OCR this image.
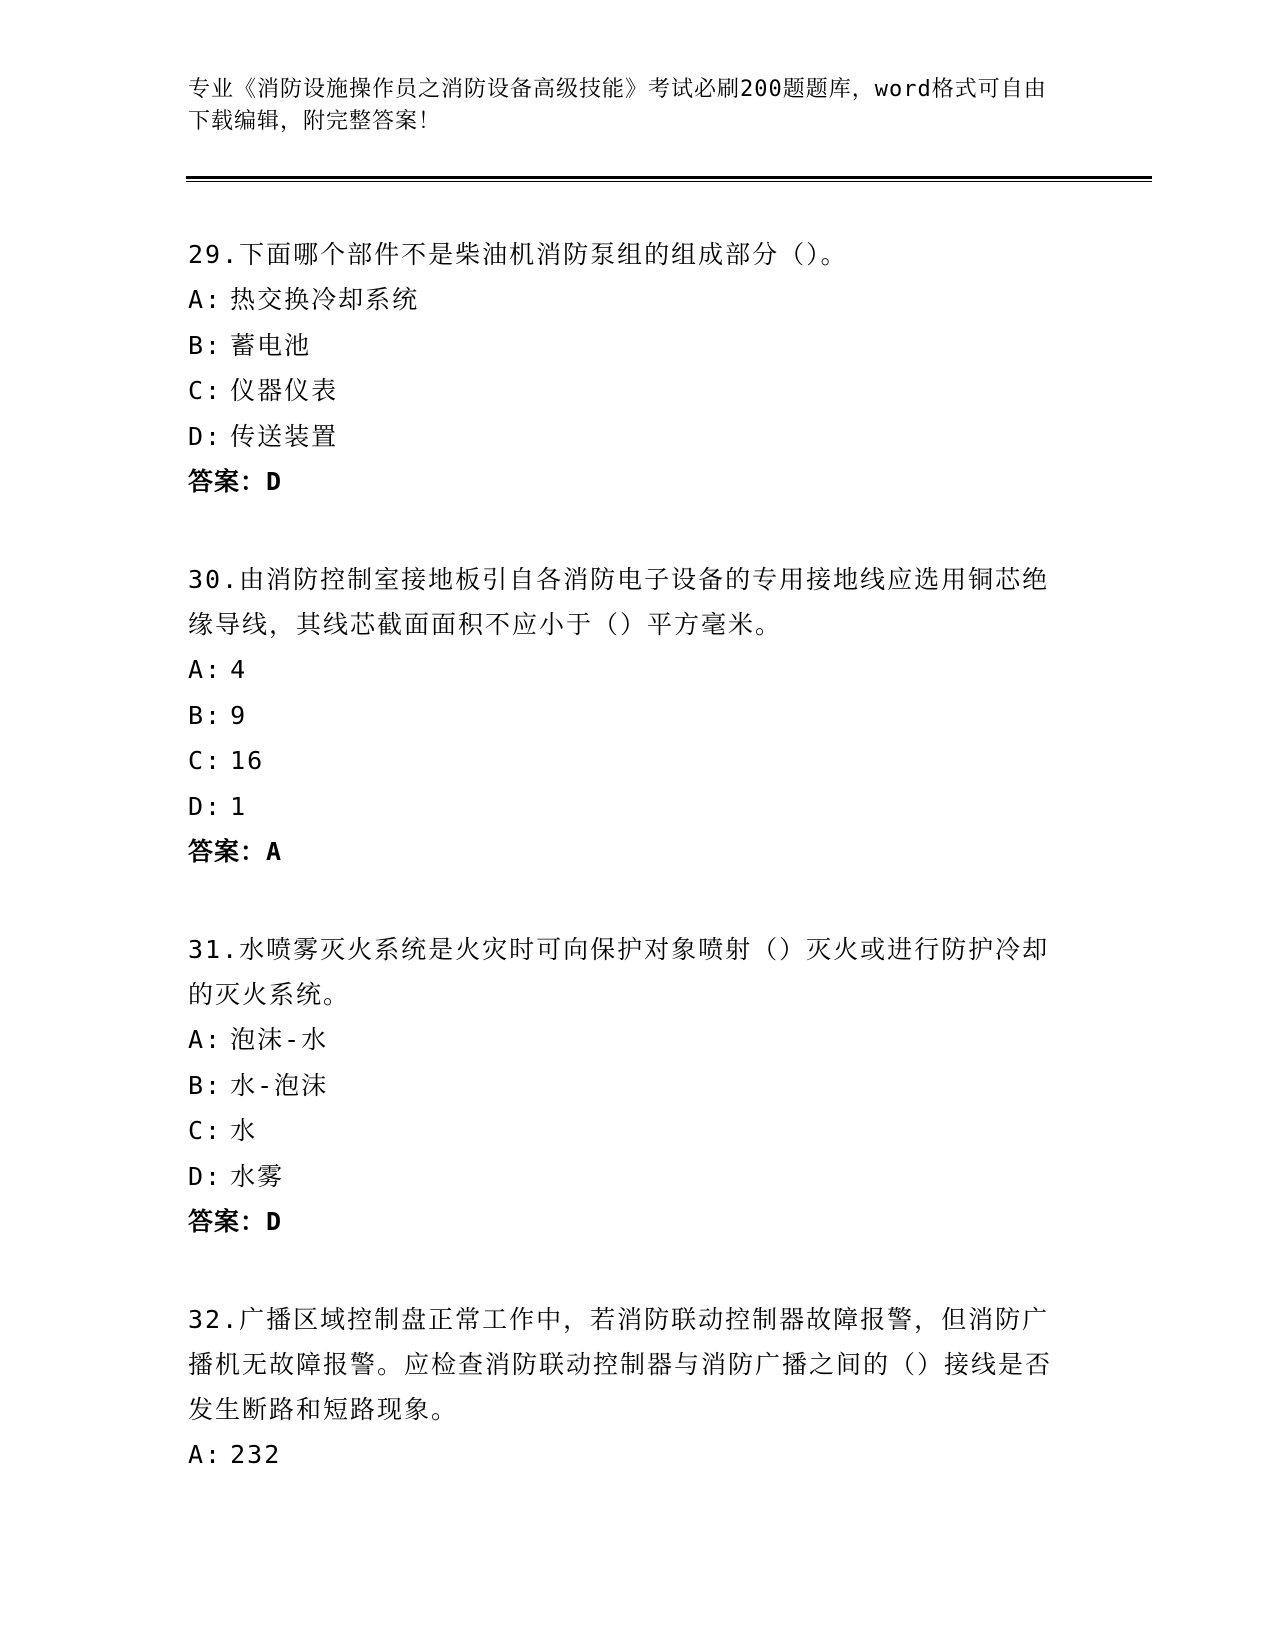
专业《消防设施操作员之消防设备高级技能》考试必刷200题题库，word格式可自由下载编辑，附完整答案！
29.下面哪个部件不是柴油机消防泵组的组成部分（）。
A: 热交换冷却系统
B: 蓄电池
C: 仪器仪表
D: 传送装置
答案：D
30.由消防控制室接地板引自各消防电子设备的专用接地线应选用铜芯绝缘导线，其线芯截面面积不应小于（）平方毫米。
A: 4
B: 9
C: 16
D: 1
答案：A
31.水喷雾灭火系统是火灾时可向保护对象喷射（）灭火或进行防护冷却的灭火系统。
A: 泡沫-水
B: 水-泡沫
C: 水
D: 水雾
答案：D
32.广播区域控制盘正常工作中，若消防联动控制器故障报警，但消防广播机无故障报警。应检查消防联动控制器与消防广播之间的（）接线是否发生断路和短路现象。
A: 232
